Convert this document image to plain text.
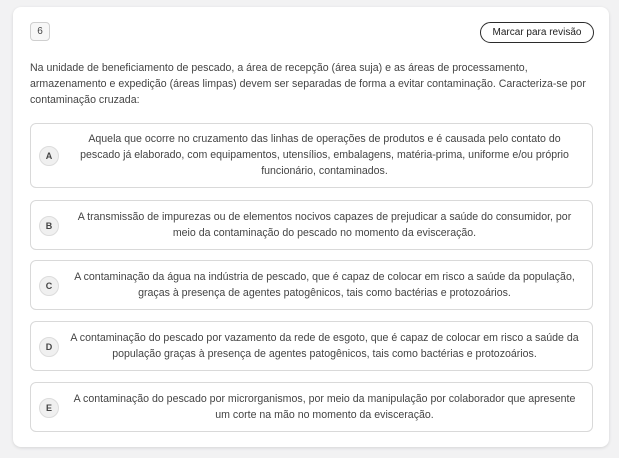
6	Marcar para revisão
Na unidade de beneficiamento de pescado, a área de recepção (área suja) e as áreas de processamento, armazenamento e expedição (áreas limpas) devem ser separadas de forma a evitar contaminação. Caracteriza-se por contaminação cruzada:
A
Aquela que ocorre no cruzamento das linhas de operações de produtos e é causada pelo contato do pescado já elaborado, com equipamentos, utensílios, embalagens, matéria-prima, uniforme e/ou próprio funcionário, contaminados.
B
A transmissão de impurezas ou de elementos nocivos capazes de prejudicar a saúde do consumidor, por meio da contaminação do pescado no momento da evisceração.
C
A contaminação da água na indústria de pescado, que é capaz de colocar em risco a saúde da população, graças à presença de agentes patogênicos, tais como bactérias e protozoários.
D
A contaminação do pescado por vazamento da rede de esgoto, que é capaz de colocar em risco a saúde da população graças à presença de agentes patogênicos, tais como bactérias e protozoários.
E
A contaminação do pescado por microrganismos, por meio da manipulação por colaborador que apresente um corte na mão no momento da evisceração.
